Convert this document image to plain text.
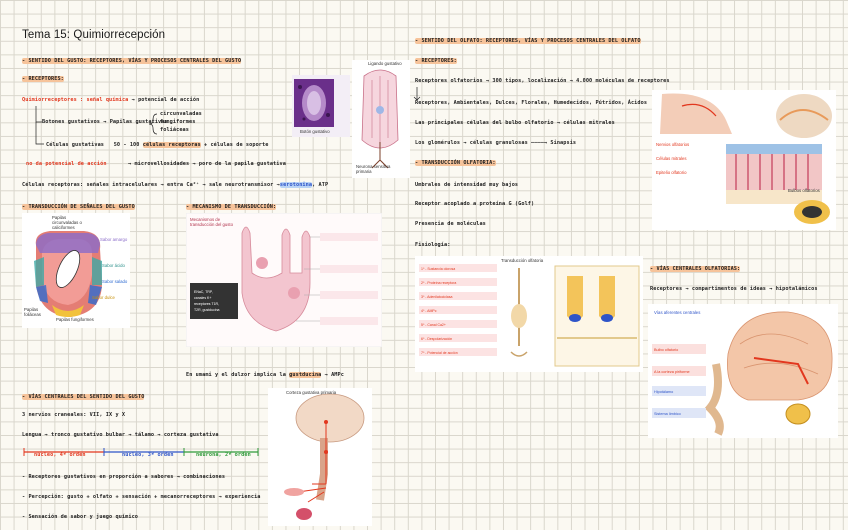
Tema 15: Quimiorrecepción
- SENTIDO DEL GUSTO: RECEPTORES, VÍAS Y PROCESOS CENTRALES DEL GUSTO
- RECEPTORES:
Quimiorreceptores : señal química → potencial de acción
Botones gustativos → Papilas gustativas
circunvaladas
fungiformes
foliáceas
Células gustativas 50 - 100 células receptoras + células de soporte
no da potencial de acción	→ microvellosidades → poro de la papila gustativa
Células receptoras: señales intracelulares → entra Ca²⁺ → sale neurotransmisor →serotonina, ATP
- TRANSDUCCIÓN DE SEÑALES DEL GUSTO	- MECANISMO DE TRANSDUCCIÓN:
Papilas
circunvaladas o
caliciformes
Sabor amargo
Sabor ácido
Sabor salado
Sabor dulce
Papilas foliáceas
Papilas fungiformes
Botón gustativo
Ligando gustativo
Neurona sensitiva primaria
ENaC, TRP,
canales K+
receptores T1R,
T2R, gustducina
Mecanismos de transducción del gusto
En umami y el dulzor implica la gustducina → AMPc
- VÍAS CENTRALES DEL SENTIDO DEL GUSTO
3 nervios craneales: VII, IX y X
Lengua → tronco gustativo bulbar → tálamo → corteza gustativa
núcleo, 4ª orden	núcleo, 3ª orden	neurona, 2ª orden
- Receptores gustativos en proporción a sabores → combinaciones
- Percepción: gusto + olfato + sensación + mecanorreceptores → experiencia
- Sensación de sabor y juego químico
Corteza gustativa primaria
- SENTIDO DEL OLFATO: RECEPTORES, VÍAS Y PROCESOS CENTRALES DEL OLFATO
- RECEPTORES:
Receptores olfatorios → 300 tipos, localización → 4.000 moléculas de receptores
Receptores, Ambientales, Dulces, Florales, Humedecidos, Pútridos, Ácidos
Las principales células del bulbo olfatorio → células mitrales
Los glomérulos → células granulosas ————→ Sinapsis
- TRANSDUCCIÓN OLFATORIA:
Umbrales de intensidad muy bajos
Receptor acoplado a proteína G (Golf)
Presencia de moléculas
Fisiología:
Nervios olfatorios
Células mitrales
Epitelio olfatorio
Bulbos olfatorios
1º - Sustancia olorosa
2º - Proteína receptora
3º - Adenilatociclasa
4º - AMPc
5º - Canal Ca2+
6º - Despolarización
7º - Potencial de acción
Transducción olfatoria
- VÍAS CENTRALES OLFATORIAS:
Receptores → compartimentos de ideas → hipotalámicos
Bulbo olfatorio
A la corteza piriforme
Hipotálamo
Sistema límbico
Vías aferentes centrales
